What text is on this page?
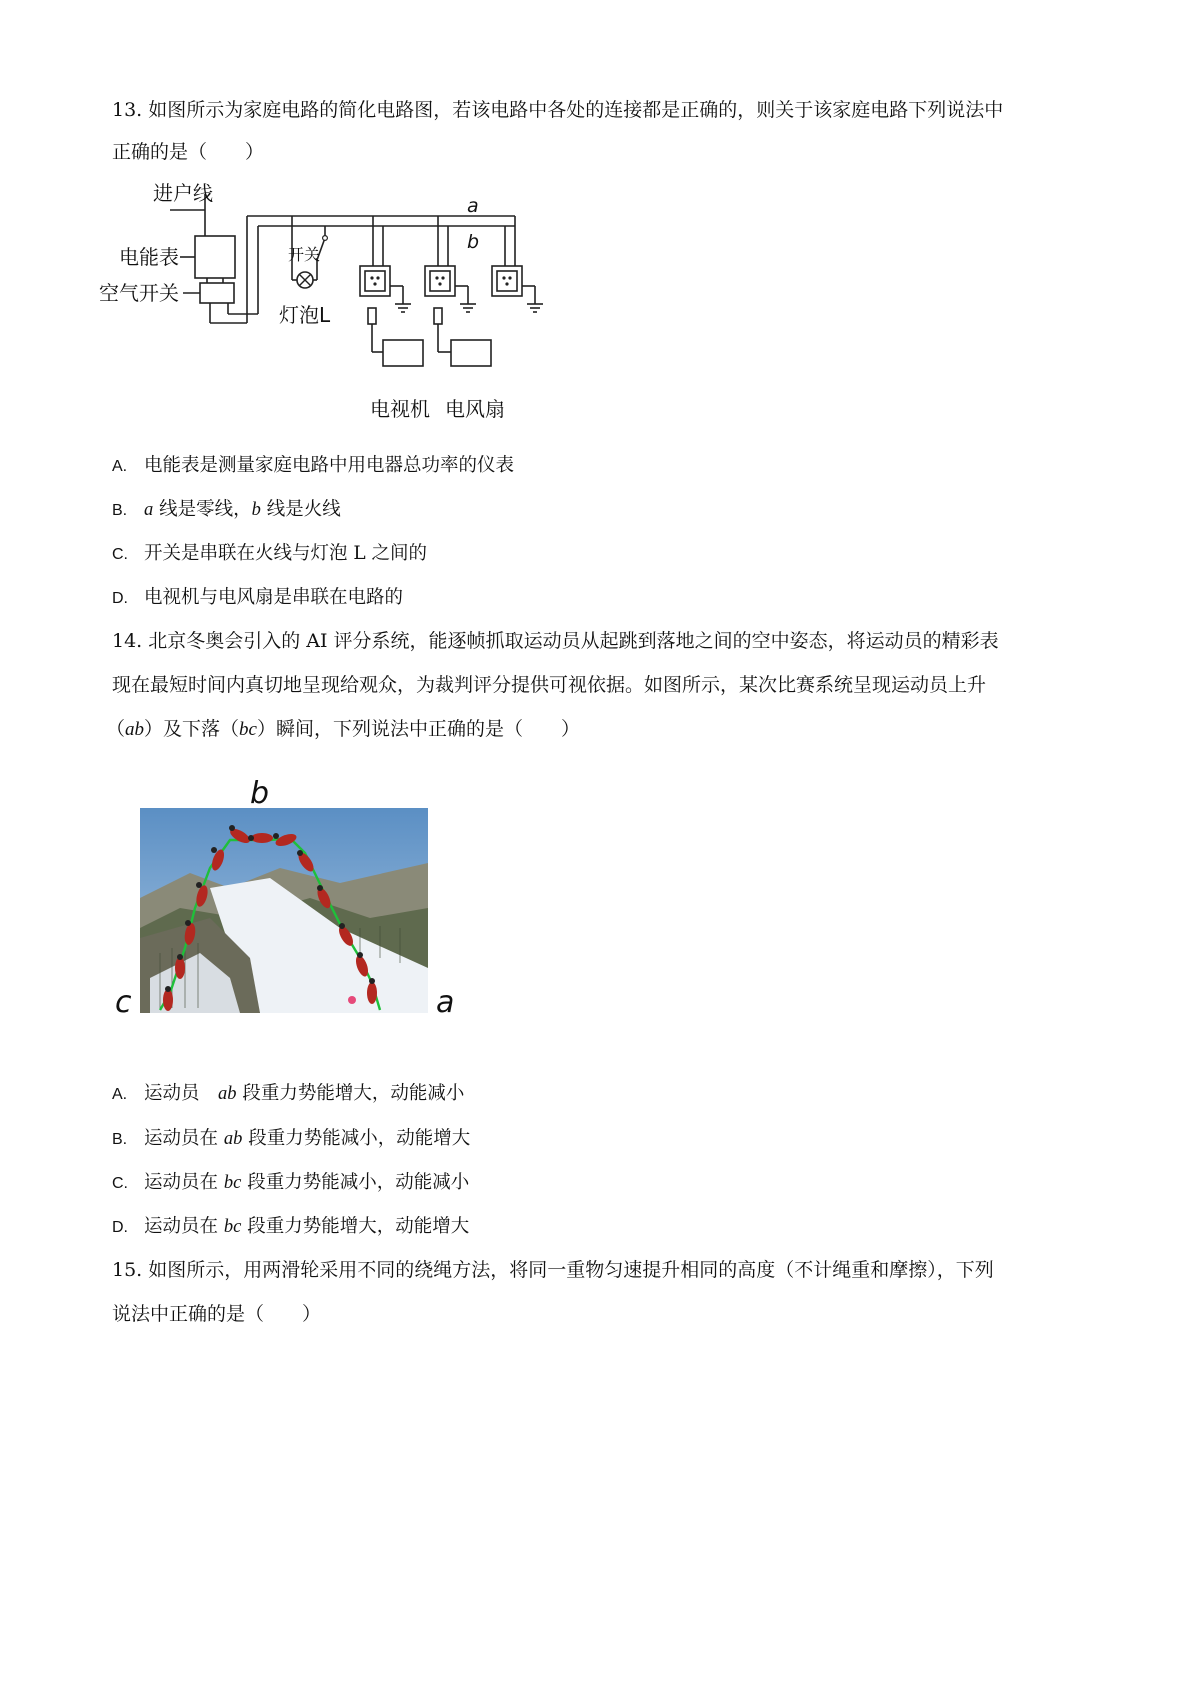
13. 如图所示为家庭电路的简化电路图，若该电路中各处的连接都是正确的，则关于该家庭电路下列说法中
正确的是（　　）
进户线
电能表
空气开关
开关
灯泡L
a
b
电视机 电风扇
A. 电能表是测量家庭电路中用电器总功率的仪表
B. a 线是零线，b 线是火线
C. 开关是串联在火线与灯泡 L 之间的
D. 电视机与电风扇是串联在电路的
14. 北京冬奥会引入的 AI 评分系统，能逐帧抓取运动员从起跳到落地之间的空中姿态，将运动员的精彩表
现在最短时间内真切地呈现给观众，为裁判评分提供可视依据。如图所示，某次比赛系统呈现运动员上升
（ab）及下落（bc）瞬间，下列说法中正确的是（　　）
b
a
c
A. 运动员　ab 段重力势能增大，动能减小
B. 运动员在 ab 段重力势能减小，动能增大
C. 运动员在 bc 段重力势能减小，动能减小
D. 运动员在 bc 段重力势能增大，动能增大
15. 如图所示，用两滑轮采用不同的绕绳方法，将同一重物匀速提升相同的高度（不计绳重和摩擦），下列
说法中正确的是（　　）
